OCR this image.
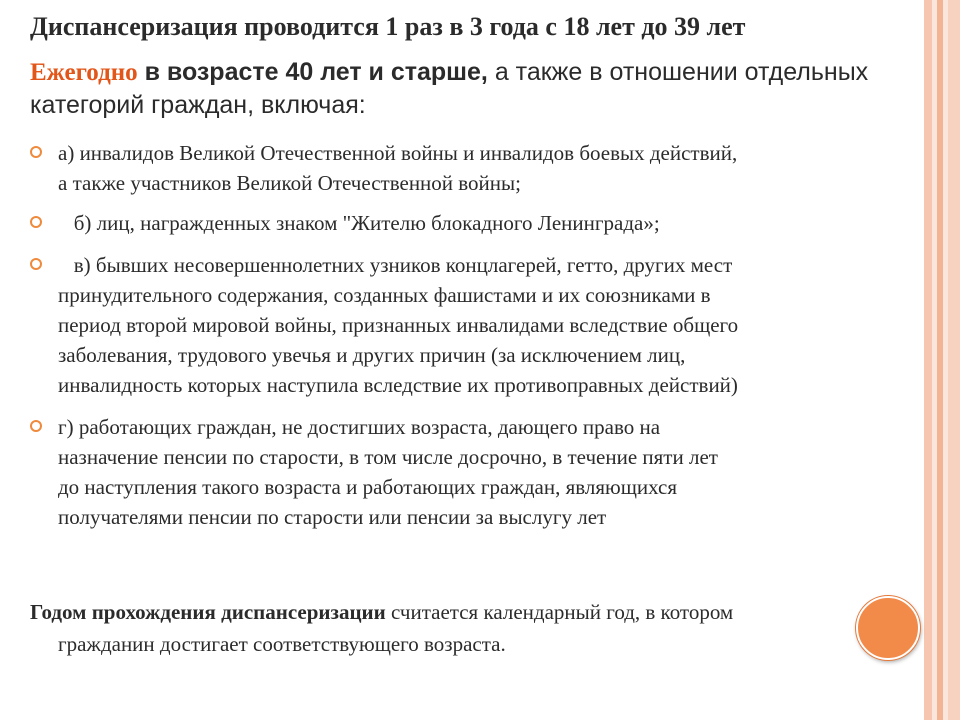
Диспансеризация проводится 1 раз в 3 года с 18 лет до 39 лет
Ежегодно в возрасте 40 лет и старше, а также в отношении отдельных категорий граждан, включая:
а) инвалидов Великой Отечественной войны и инвалидов боевых действий,
а также участников Великой Отечественной войны;
б) лиц, награжденных знаком "Жителю блокадного Ленинграда»;
в) бывших несовершеннолетних узников концлагерей, гетто, других мест
принудительного содержания, созданных фашистами и их союзниками в
период второй мировой войны, признанных инвалидами вследствие общего
заболевания, трудового увечья и других причин (за исключением лиц,
инвалидность которых наступила вследствие их противоправных действий)
г) работающих граждан, не достигших возраста, дающего право на
назначение пенсии по старости, в том числе досрочно, в течение пяти лет
до наступления такого возраста и работающих граждан, являющихся
получателями пенсии по старости или пенсии за выслугу лет
Годом прохождения диспансеризации считается календарный год, в котором
гражданин достигает соответствующего возраста.
